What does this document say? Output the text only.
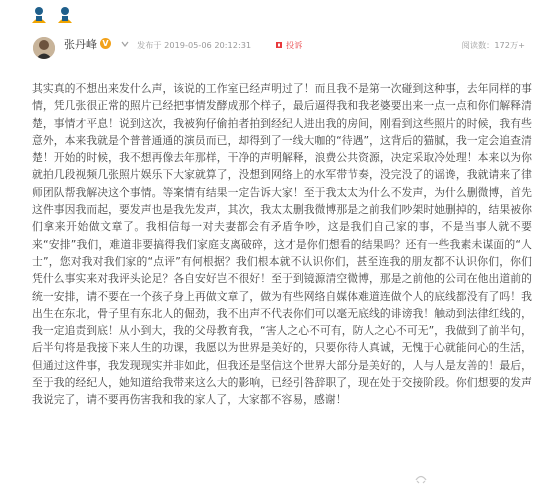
张丹峰 V	发布于 2019-05-06 20:12:31	投诉	阅读数：172万+

其实真的不想出来发什么声，该说的工作室已经声明过了！而且我不是第一次碰到这种事，去年同样的事情，凭几张很正常的照片已经把事情发酵成那个样子，最后逼得我和我老婆要出来一点一点和你们解释清楚，事情才平息！说到这次，我被狗仔偷拍者拍到经纪人进出我的房间，刚看到这些照片的时候，我有些意外，本来我就是个普普通通的演员而已，却得到了一线大咖的“待遇”，这背后的猫腻，我一定会追查清楚！开始的时候，我不想再像去年那样，干净的声明解释，浪费公共资源，决定采取冷处理！本来以为你就拍几段视频几张照片娱乐下大家就算了，没想到网络上的水军带节奏，没完没了的谣谗，我就请来了律师团队帮我解决这个事情。等案情有结果一定告诉大家！至于我太太为什么不发声，为什么删微博，首先这件事因我而起，要发声也是我先发声，其次，我太太删我微博那是之前我们吵架时她删掉的，结果被你们拿来开始做文章了。我相信每一对夫妻都会有矛盾争吵，这是我们自己家的事，不是当事人就不要来“安排”我们，难道非要搞得我们家庭支离破碎，这才是你们想看的结果吗？还有一些我素未谋面的“人士”，您对我对我们家的“点评”有何根据？我们根本就不认识你们，甚至连我的朋友都不认识你们，你们凭什么事实来对我评头论足？各自安好岂不很好！至于到镜源清空微博，那是之前他的公司在他出道前的统一安排，请不要在一个孩子身上再做文章了，做为有些网络自媒体难道连做个人的底线都没有了吗！我出生在东北，骨子里有东北人的倔劲，我不出声不代表你们可以毫无底线的诽谤我！触动到法律红线的，我一定追责到底！从小到大，我的父母教育我，“害人之心不可有，防人之心不可无”，我做到了前半句，后半句将是我接下来人生的功课，我愿以为世界是美好的，只要你待人真诚，无愧于心就能问心的生活，但通过这件事，我发现现实并非如此，但我还是坚信这个世界大部分是美好的，人与人是友善的！最后，至于我的经纪人，她知道给我带来这么大的影响，已经引咎辞职了，现在处于交接阶段。你们想要的发声我说完了，请不要再伤害我和我的家人了，大家都不容易，感谢！
